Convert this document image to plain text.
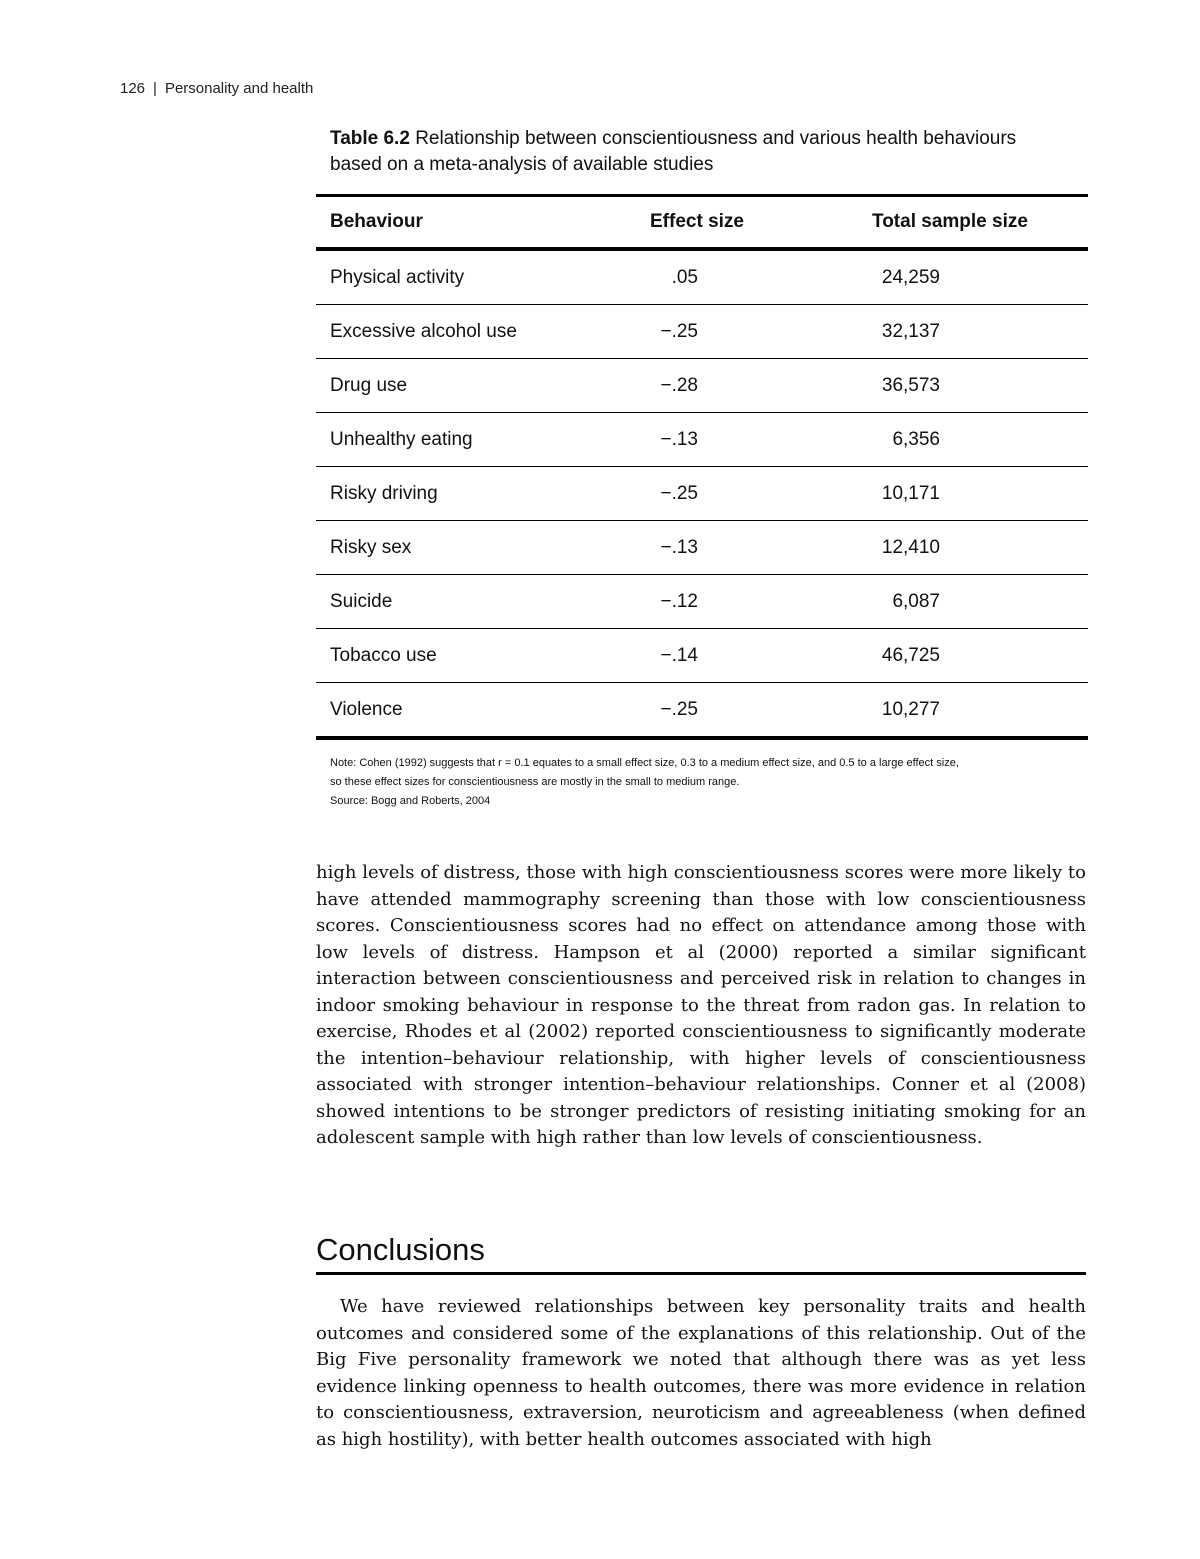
126 | Personality and health
Table 6.2 Relationship between conscientiousness and various health behaviours based on a meta-analysis of available studies
Behaviour	Effect size	Total sample size
Physical activity	.05	24,259
Excessive alcohol use	−.25	32,137
Drug use	−.28	36,573
Unhealthy eating	−.13	6,356
Risky driving	−.25	10,171
Risky sex	−.13	12,410
Suicide	−.12	6,087
Tobacco use	−.14	46,725
Violence	−.25	10,277
Note: Cohen (1992) suggests that r = 0.1 equates to a small effect size, 0.3 to a medium effect size, and 0.5 to a large effect size,
so these effect sizes for conscientiousness are mostly in the small to medium range.
Source: Bogg and Roberts, 2004

high levels of distress, those with high conscientiousness scores were more likely to have attended mammography screening than those with low conscientiousness scores. Conscientiousness scores had no effect on attendance among those with low levels of distress. Hampson et al (2000) reported a similar significant interaction between conscientiousness and perceived risk in relation to changes in indoor smoking behaviour in response to the threat from radon gas. In relation to exercise, Rhodes et al (2002) reported conscientiousness to significantly moderate the intention–behaviour relationship, with higher levels of conscientiousness associated with stronger intention–behaviour relationships. Conner et al (2008) showed intentions to be stronger predictors of resisting initiating smoking for an adolescent sample with high rather than low levels of conscientiousness.

Conclusions

We have reviewed relationships between key personality traits and health outcomes and considered some of the explanations of this relationship. Out of the Big Five personality framework we noted that although there was as yet less evidence linking openness to health outcomes, there was more evidence in relation to conscientiousness, extraversion, neuroticism and agreeableness (when defined as high hostility), with better health outcomes associated with high
